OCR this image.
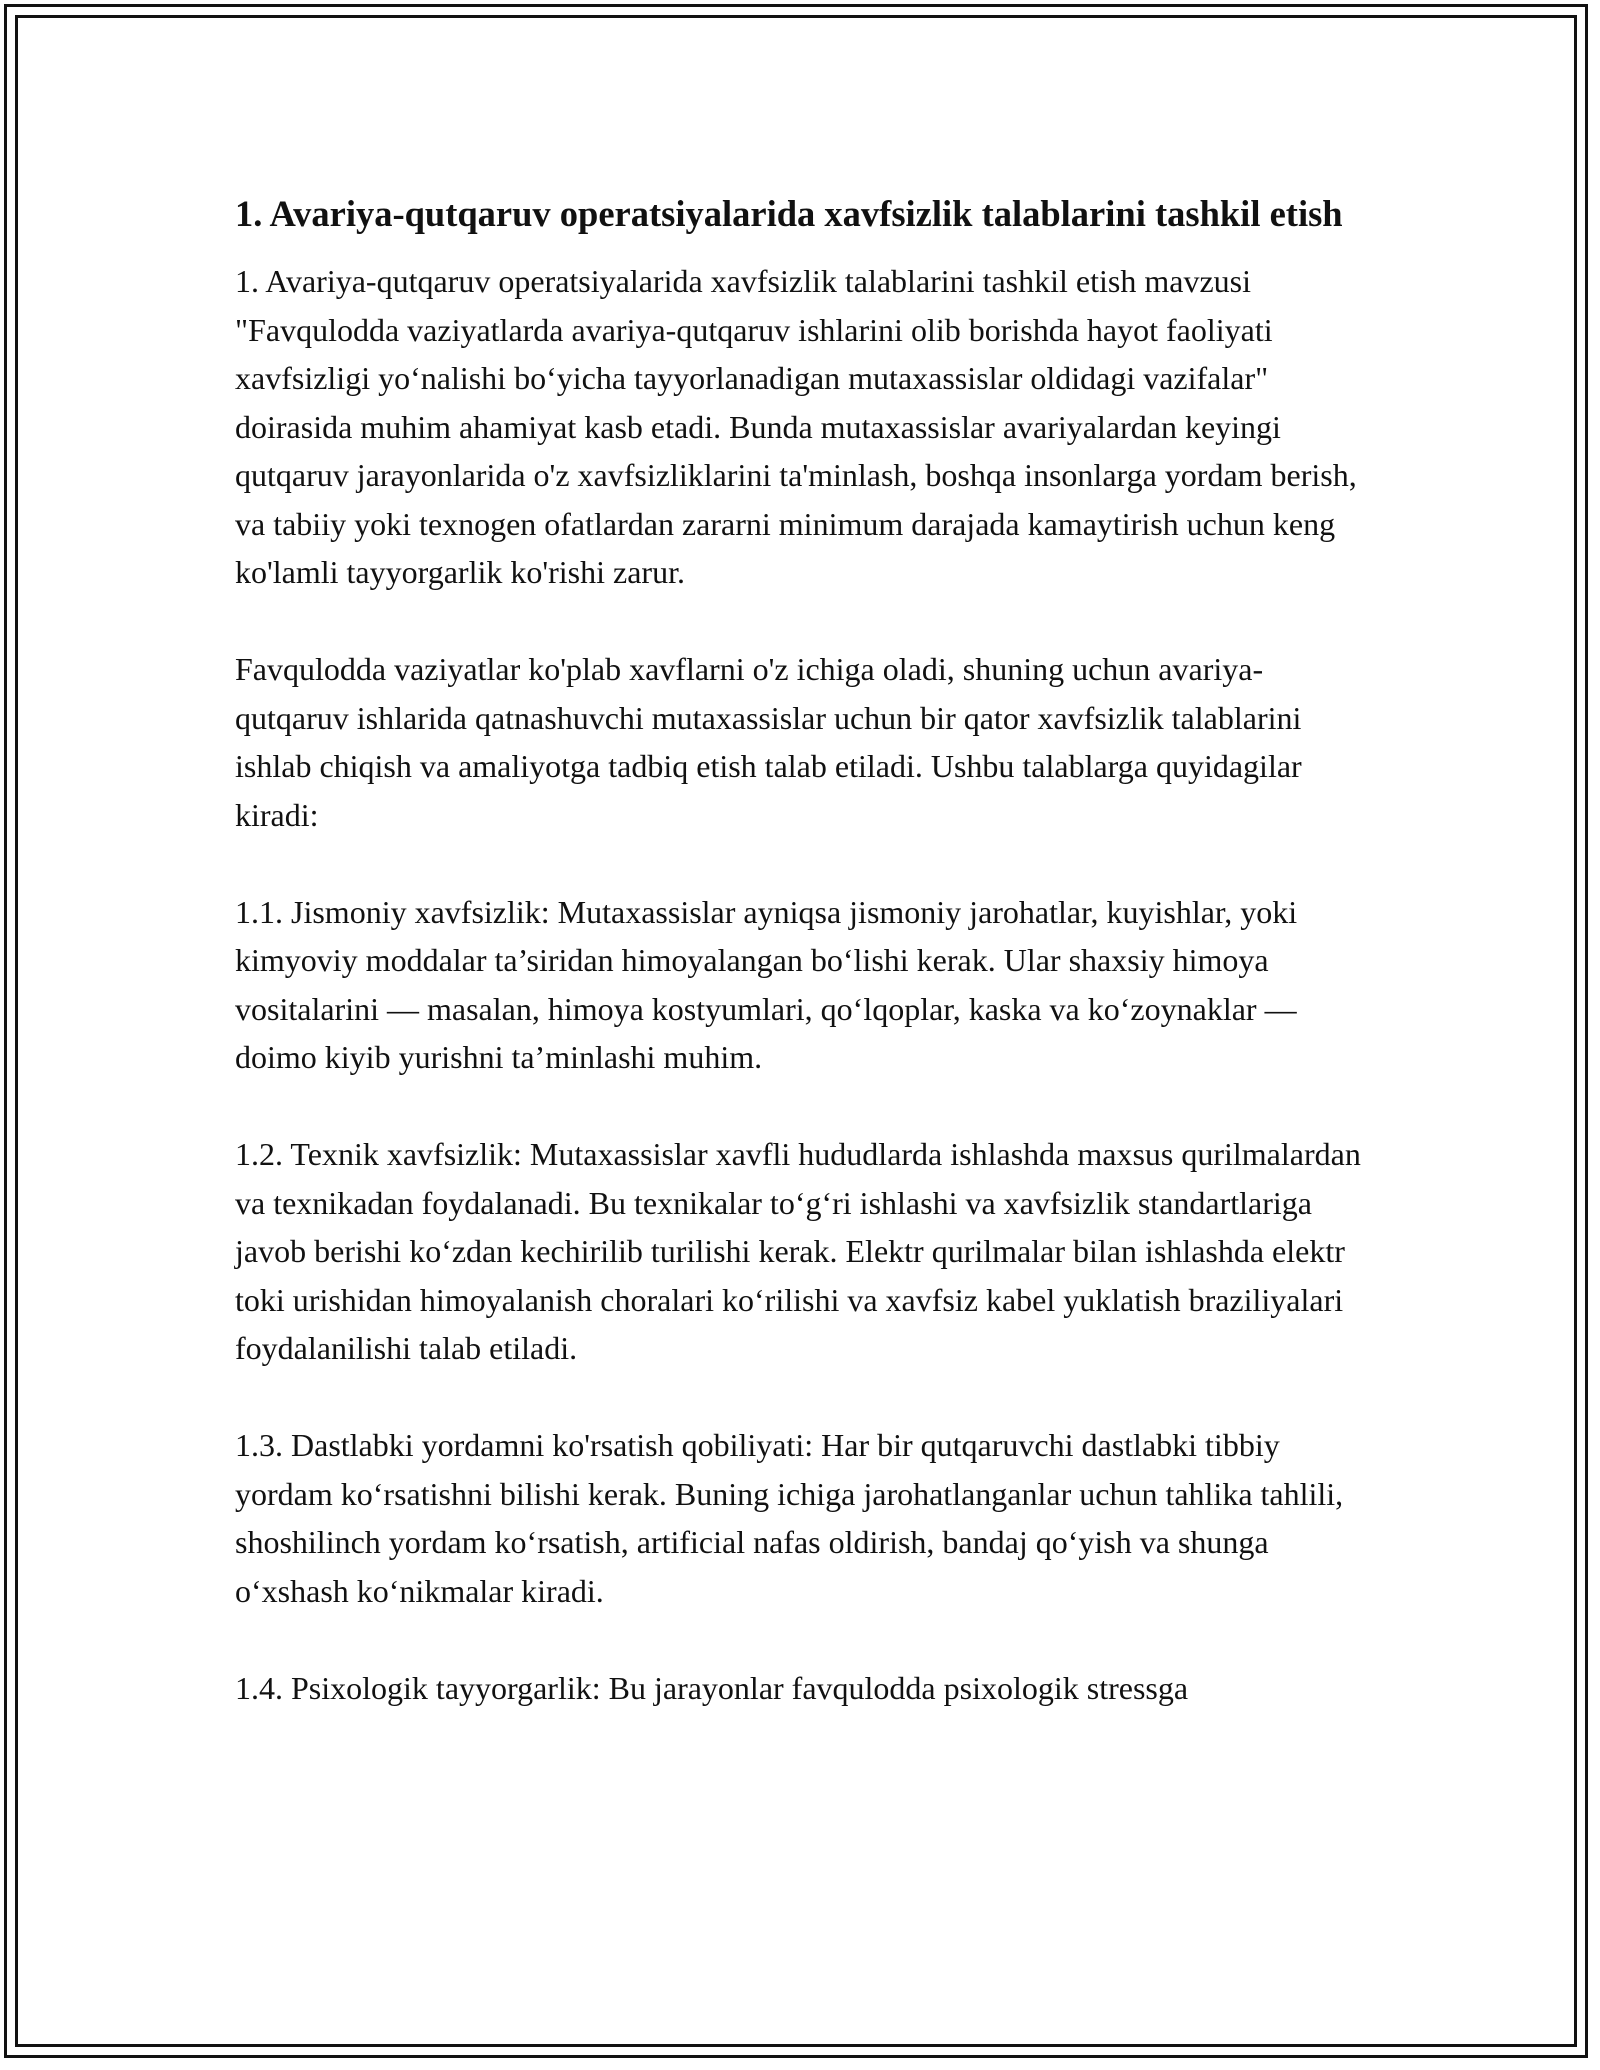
1. Avariya-qutqaruv operatsiyalarida xavfsizlik talablarini tashkil etish

1. Avariya-qutqaruv operatsiyalarida xavfsizlik talablarini tashkil etish mavzusi "Favqulodda vaziyatlarda avariya-qutqaruv ishlarini olib borishda hayot faoliyati xavfsizligi yo‘nalishi bo‘yicha tayyorlanadigan mutaxassislar oldidagi vazifalar" doirasida muhim ahamiyat kasb etadi. Bunda mutaxassislar avariyalardan keyingi qutqaruv jarayonlarida o'z xavfsizliklarini ta'minlash, boshqa insonlarga yordam berish, va tabiiy yoki texnogen ofatlardan zararni minimum darajada kamaytirish uchun keng ko'lamli tayyorgarlik ko'rishi zarur.

Favqulodda vaziyatlar ko'plab xavflarni o'z ichiga oladi, shuning uchun avariya-qutqaruv ishlarida qatnashuvchi mutaxassislar uchun bir qator xavfsizlik talablarini ishlab chiqish va amaliyotga tadbiq etish talab etiladi. Ushbu talablarga quyidagilar kiradi:

1.1. Jismoniy xavfsizlik: Mutaxassislar ayniqsa jismoniy jarohatlar, kuyishlar, yoki kimyoviy moddalar ta’siridan himoyalangan bo‘lishi kerak. Ular shaxsiy himoya vositalarini — masalan, himoya kostyumlari, qo‘lqoplar, kaska va ko‘zoynaklar — doimo kiyib yurishni ta’minlashi muhim.

1.2. Texnik xavfsizlik: Mutaxassislar xavfli hududlarda ishlashda maxsus qurilmalardan va texnikadan foydalanadi. Bu texnikalar to‘g‘ri ishlashi va xavfsizlik standartlariga javob berishi ko‘zdan kechirilib turilishi kerak. Elektr qurilmalar bilan ishlashda elektr toki urishidan himoyalanish choralari ko‘rilishi va xavfsiz kabel yuklatish braziliyalari foydalanilishi talab etiladi.

1.3. Dastlabki yordamni ko'rsatish qobiliyati: Har bir qutqaruvchi dastlabki tibbiy yordam ko‘rsatishni bilishi kerak. Buning ichiga jarohatlanganlar uchun tahlika tahlili, shoshilinch yordam ko‘rsatish, artificial nafas oldirish, bandaj qo‘yish va shunga o‘xshash ko‘nikmalar kiradi.

1.4. Psixologik tayyorgarlik: Bu jarayonlar favqulodda psixologik stressga
